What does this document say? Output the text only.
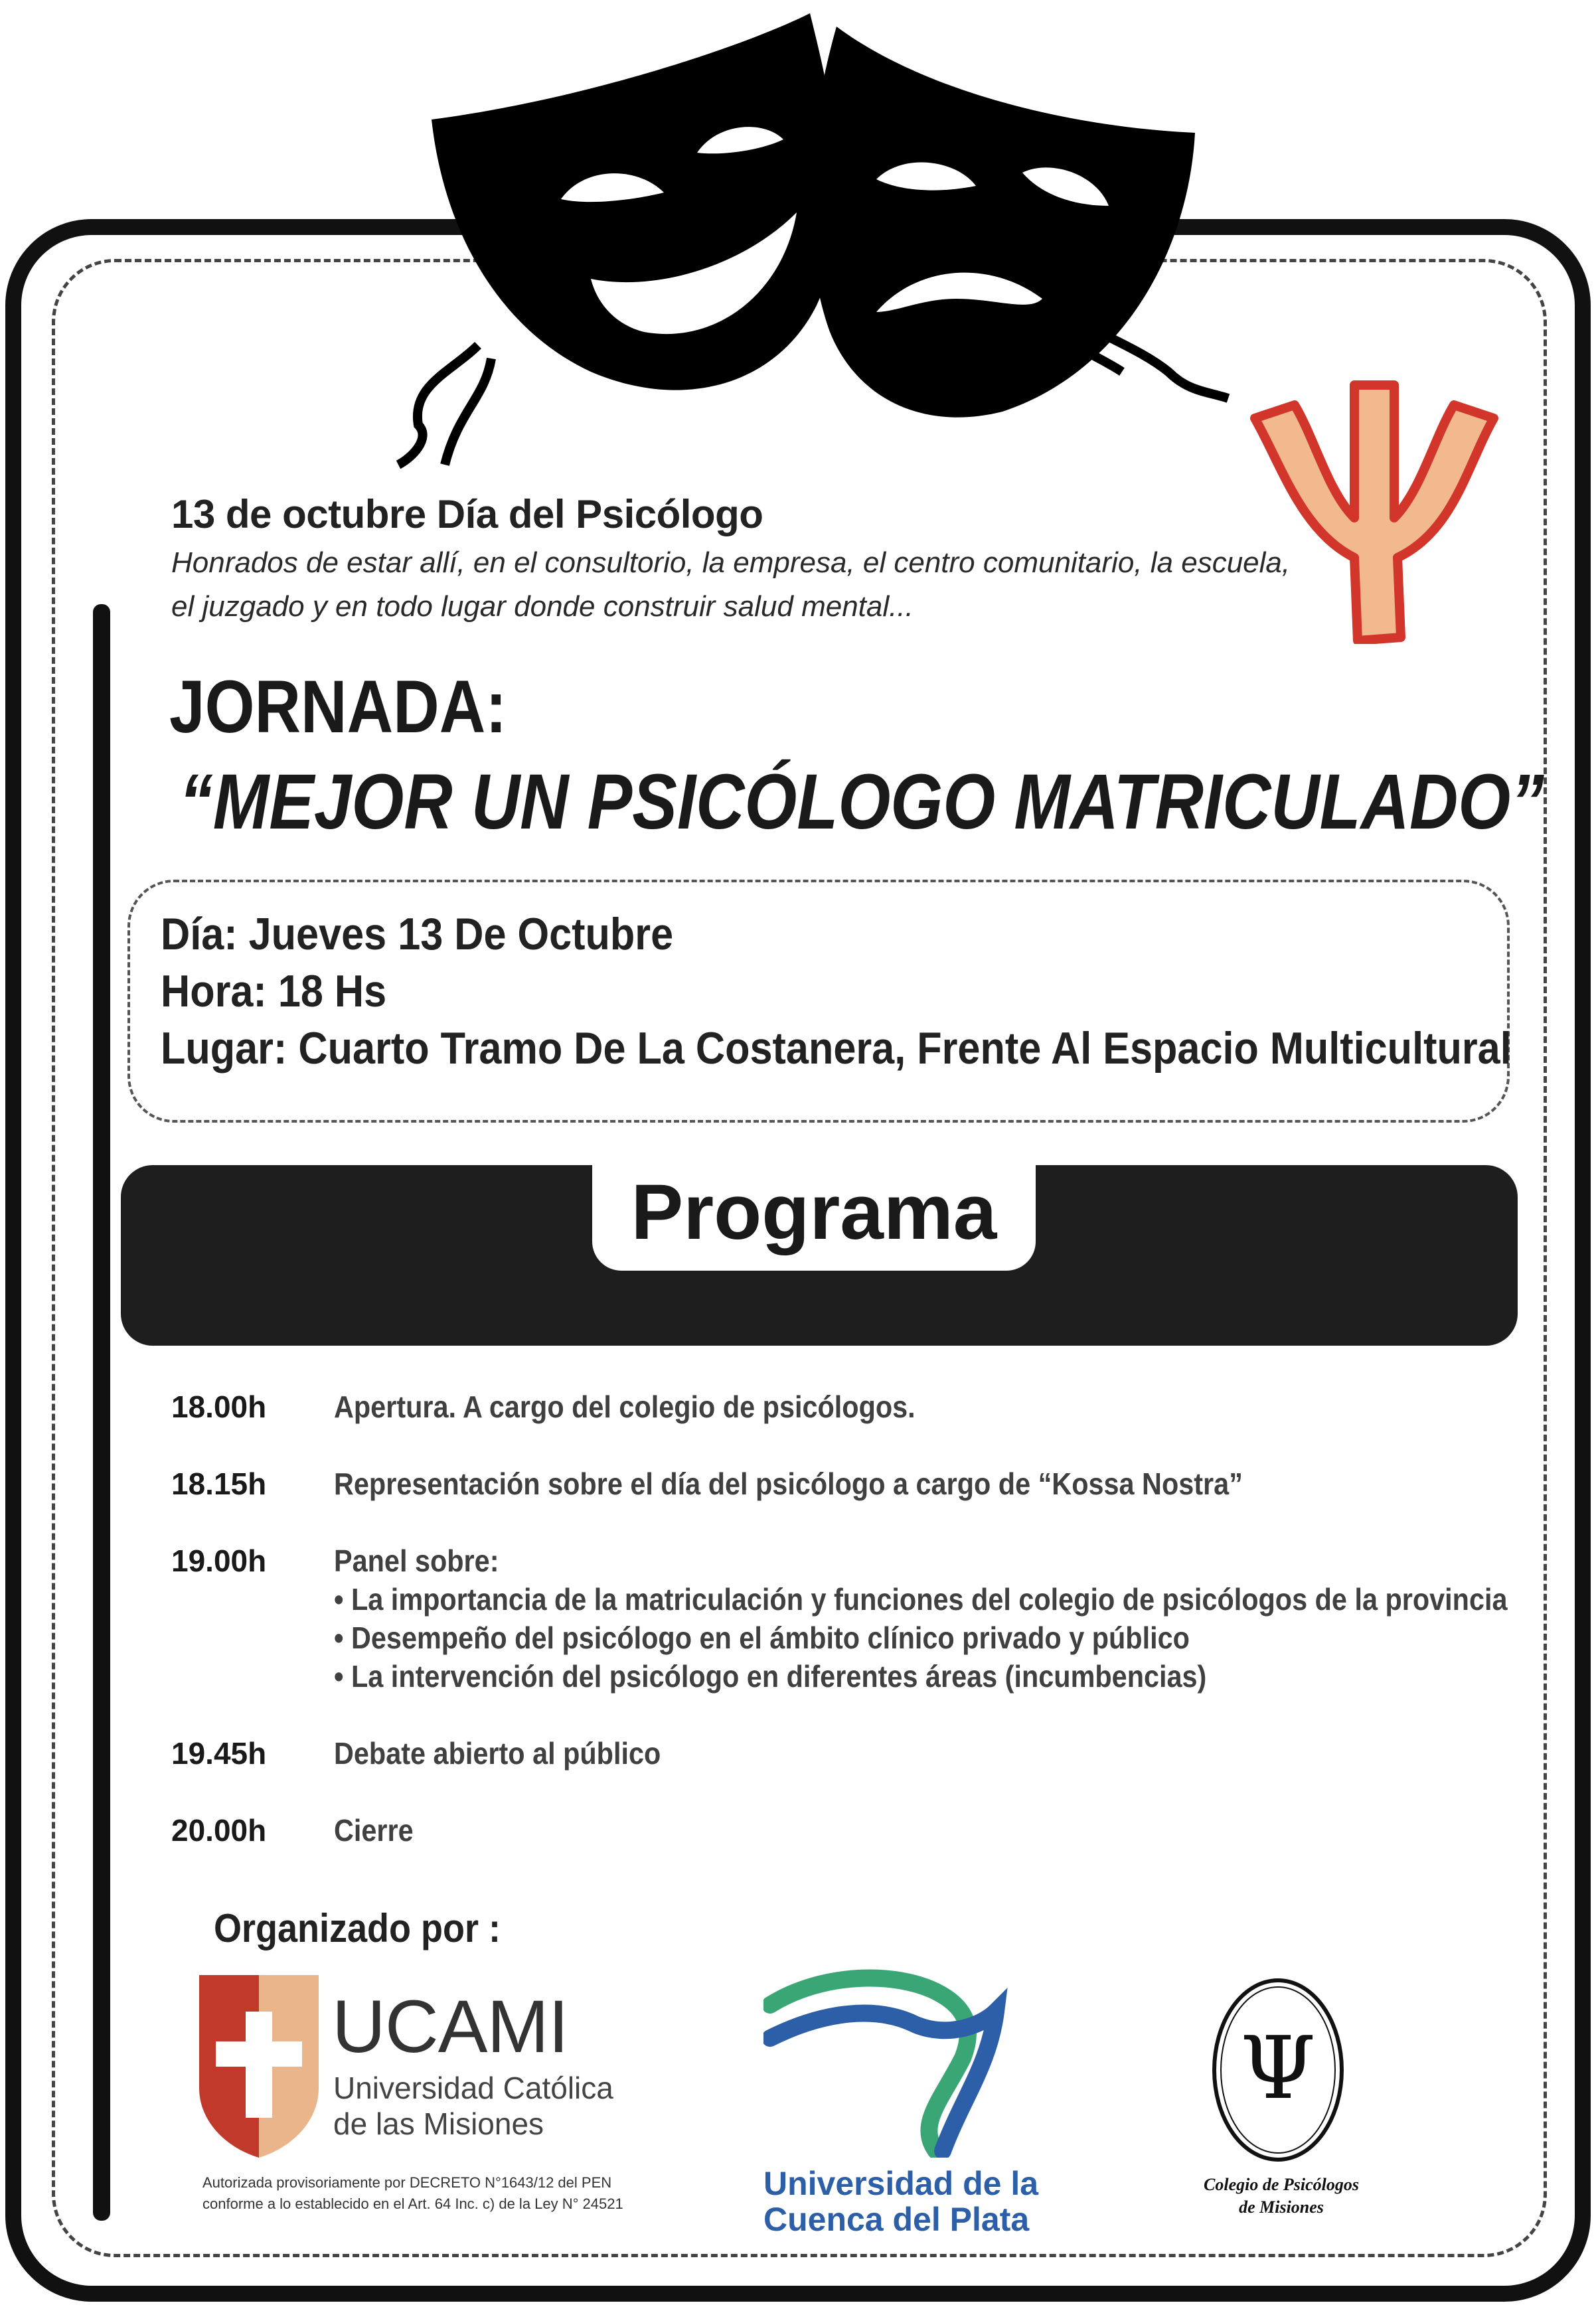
13 de octubre Día del Psicólogo
Honrados de estar allí, en el consultorio, la empresa, el centro comunitario, la escuela,
el juzgado y en todo lugar donde construir salud mental...
JORNADA:
“MEJOR UN PSICÓLOGO MATRICULADO”
Día: Jueves 13 De Octubre
Hora: 18 Hs
Lugar: Cuarto Tramo De La Costanera, Frente Al Espacio Multicultural
Programa
18.00h Apertura. A cargo del colegio de psicólogos.
18.15h Representación sobre el día del psicólogo a cargo de “Kossa Nostra”
19.00h Panel sobre:
• La importancia de la matriculación y funciones del colegio de psicólogos de la provincia
• Desempeño del psicólogo en el ámbito clínico privado y público
• La intervención del psicólogo en diferentes áreas (incumbencias)
19.45h Debate abierto al público
20.00h Cierre
Organizado por :
UCAMI
Universidad Católica
de las Misiones
Autorizada provisoriamente por DECRETO N°1643/12 del PEN
conforme a lo establecido en el Art. 64 Inc. c) de la Ley N° 24521
Universidad de la
Cuenca del Plata
Ψ
Colegio de Psicólogos
de Misiones
